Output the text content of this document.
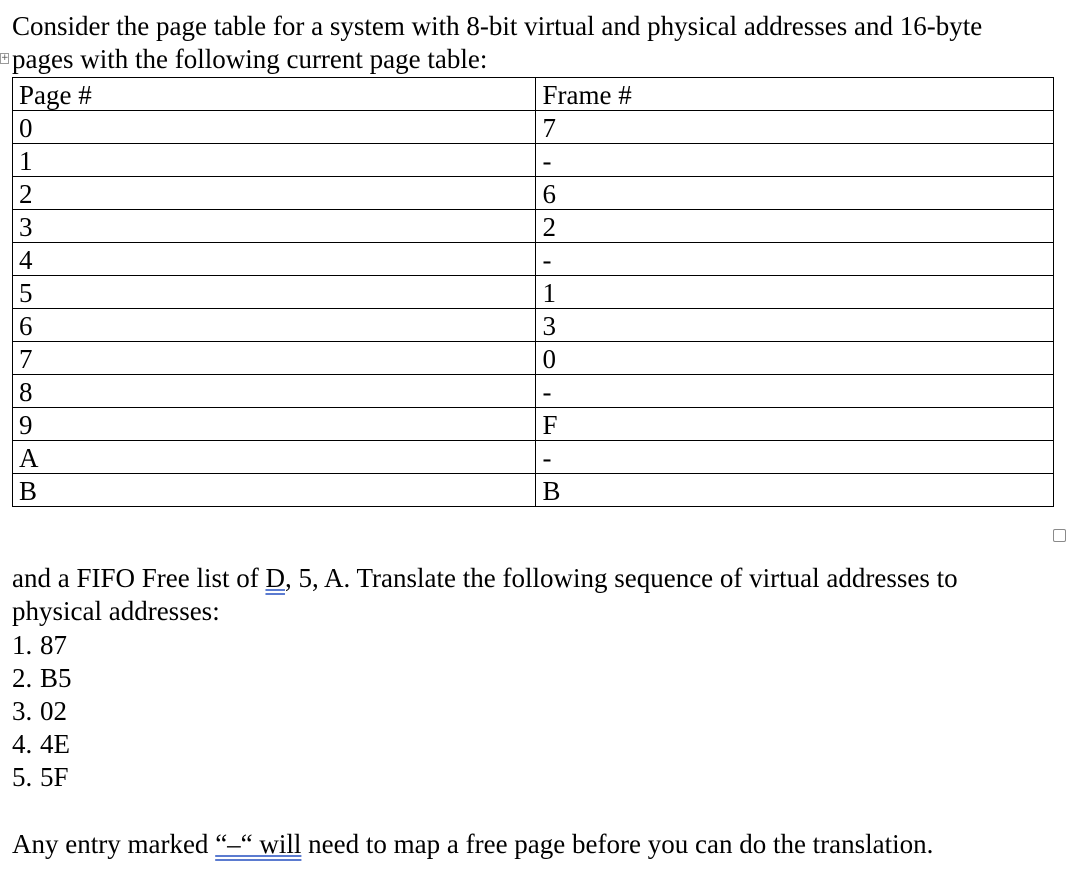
+
Consider the page table for a system with 8-bit virtual and physical addresses and 16-byte
pages with the following current page table:
Page #	Frame #
0	7
1	-
2	6
3	2
4	-
5	1
6	3
7	0
8	-
9	F
A	-
B	B
and a FIFO Free list of D, 5, A. Translate the following sequence of virtual addresses to
physical addresses:
1. 87
2. B5
3. 02
4. 4E
5. 5F
Any entry marked “–“ will need to map a free page before you can do the translation.
